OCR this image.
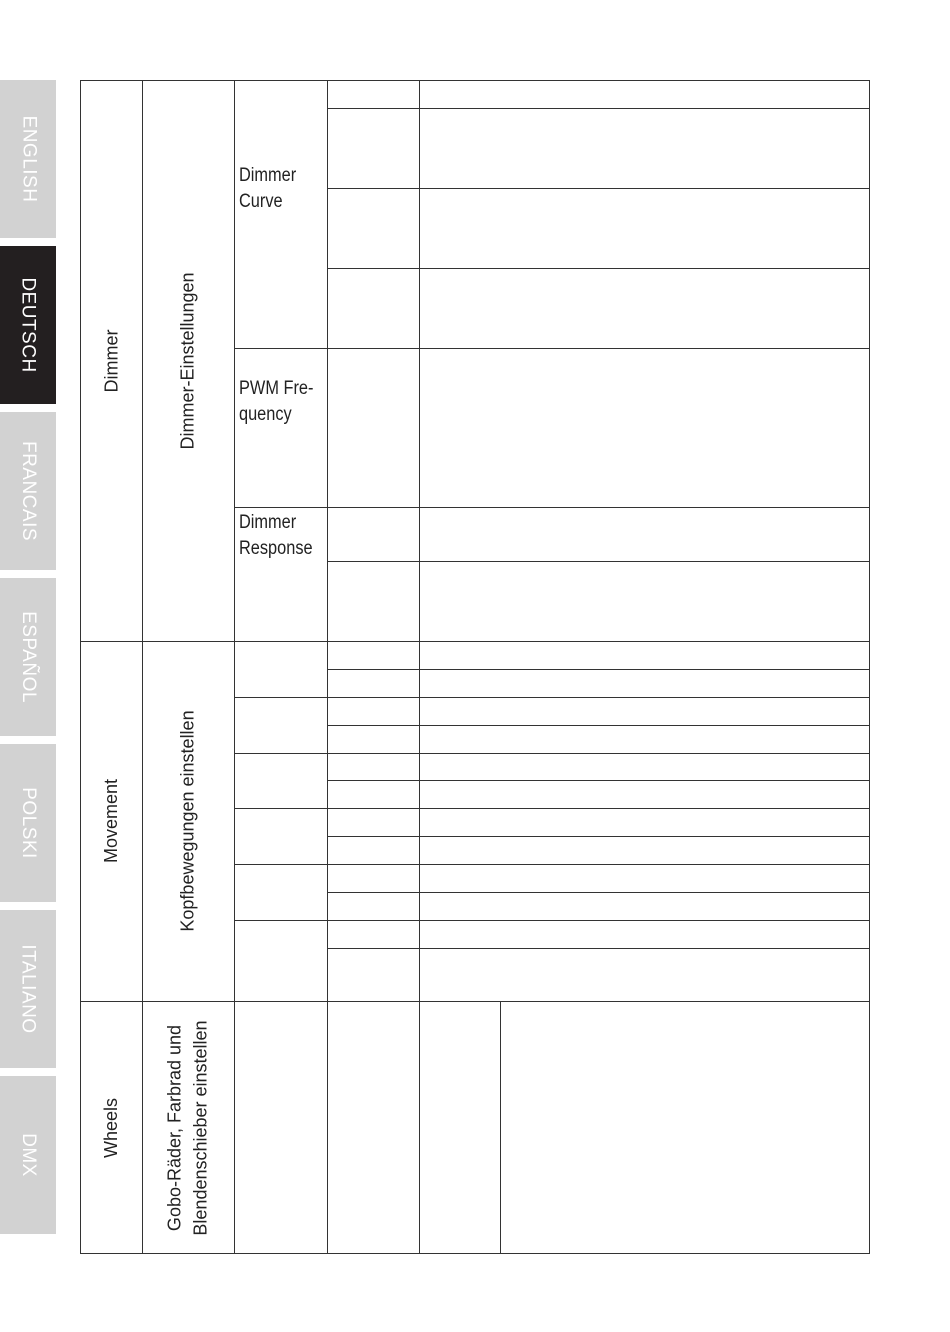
ENGLISH
DEUTSCH
FRANCAIS
ESPAÑOL
POLSKI
ITALIANO
DMX
Dimmer	Dimmer-Einstellungen
Movement	Kopfbewegungen einstellen
Wheels Gobo-Räder, Farbrad und Blendenschieber einstellen
Dimmer
Curve
PWM Fre-
quency
Dimmer
Response
